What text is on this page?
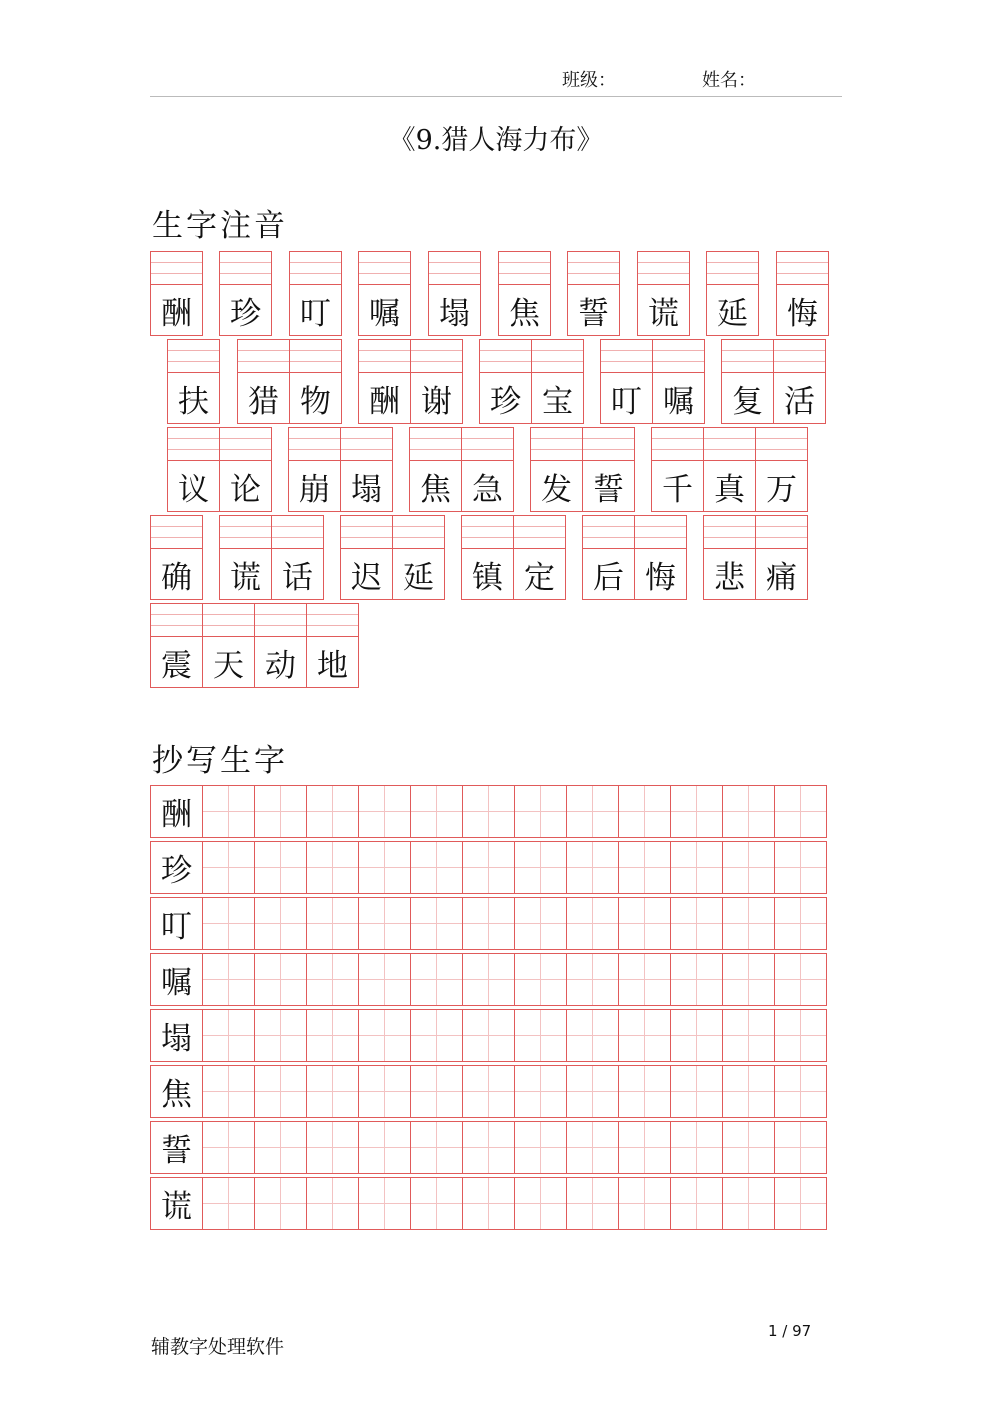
班级：	姓名：
《9.猎人海力布》
生字注音
抄写生字
酬	珍	叮	嘱	塌	焦	誓	谎	延	悔
扶	猎 物	酬 谢	珍 宝	叮 嘱	复 活
议 论	崩 塌	焦 急	发 誓	千 真 万
确	谎 话	迟 延	镇 定	后 悔	悲 痛
震 天 动 地
酬
珍
叮
嘱
塌
焦
誓
谎
辅教字处理软件
1 / 97
